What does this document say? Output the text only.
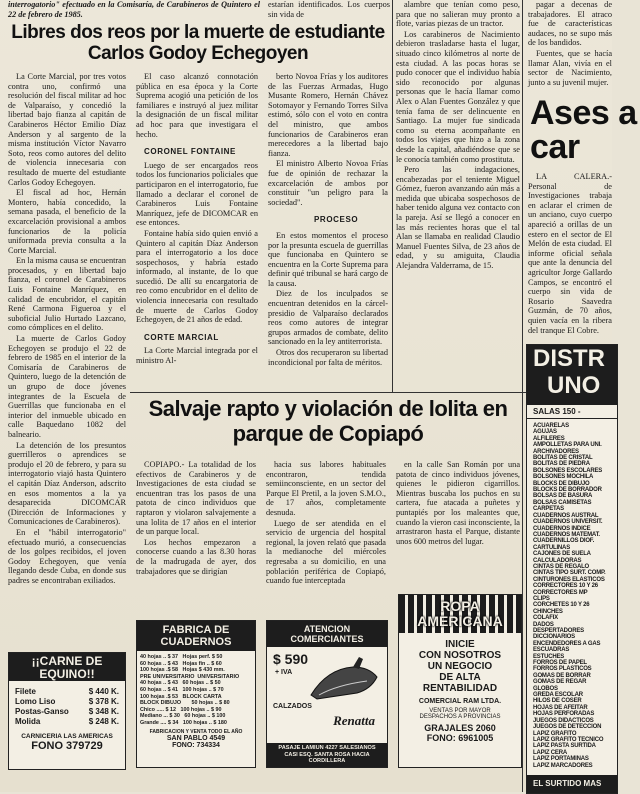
interrogatorio" efectuado en la Comisaría, de Carabineros de Quintero el 22 de febrero de 1985.
estarían identificados. Los cuerpos sin vida de
Libres dos reos por la muerte de estudiante Carlos Godoy Echegoyen

La Corte Marcial, por tres votos contra uno, confirmó una resolución del fiscal militar ad hoc de Valparaíso, y concedió la libertad bajo fianza al capitán de Carabineros Héctor Emilio Díaz Anderson y al sargento de la misma institución Víctor Navarro Soto, reos como autores del delito de violencia innecesaria con resultado de muerte del estudiante Carlos Godoy Echegoyen.

El fiscal ad hoc, Hernán Montero, había concedido, la semana pasada, el beneficio de la excarcelación provisional a ambos funcionarios de la policía uniformada previa consulta a la Corte Marcial.

En la misma causa se encuentran procesados, y en libertad bajo fianza, el coronel de Carabineros Luis Fontaine Manríquez, en calidad de encubridor, el capitán René Carmona Figueroa y el suboficial Julio Hurtado Lazcano, como cómplices en el delito.

La muerte de Carlos Godoy Echegoyen se produjo el 22 de febrero de 1985 en el interior de la Comisaría de Carabineros de Quintero, luego de la detención de un grupo de doce jóvenes integrantes de la Escuela de Guerrillas que funcionaba en el interior del inmueble ubicado en calle Baquedano 1082 del balneario.

La detención de los presuntos guerrilleros o aprendices se produjo el 20 de febrero, y para su interrogatorio viajó hasta Quintero el capitán Díaz Anderson, adscrito en esos momentos a la ya desaparecida DICOMCAR (Dirección de Informaciones y Comunicaciones de Carabineros).

En el "hábil interrogatorio" efectuado murió, a consecuencias de los golpes recibidos, el joven Godoy Echegoyen, que venía llegando desde Cuba, en donde sus padres se encontraban exiliados.

El caso alcanzó connotación pública en esa época y la Corte Suprema acogió una petición de los familiares e instruyó al juez militar la designación de un fiscal militar ad hoc para que investigara el hecho.

CORONEL FONTAINE

Luego de ser encargados reos todos los funcionarios policiales que participaron en el interrogatorio, fue llamado a declarar el coronel de Carabineros Luis Fontaine Manríquez, jefe de DICOMCAR en ese entonces.

Fontaine había sido quien envió a Quintero al capitán Díaz Anderson para el interrogatorio a los doce sospechosos, y habría estado informado, al instante, de lo que sucedió. De allí su encargatoria de reo como encubridor en el delito de violencia innecesaria con resultado de muerte de Carlos Godoy Echegoyen, de 21 años de edad.

CORTE MARCIAL

La Corte Marcial integrada por el ministro Al-

berto Novoa Frías y los auditores de las Fuerzas Armadas, Hugo Musante Romero, Hernán Chávez Sotomayor y Fernando Torres Silva estimó, sólo con el voto en contra del ministro, que ambos funcionarios de Carabineros eran merecedores a la libertad bajo fianza.

El ministro Alberto Novoa Frías fue de opinión de rechazar la excarcelación de ambos por constituir "un peligro para la sociedad".

PROCESO

En estos momentos el proceso por la presunta escuela de guerrillas que funcionaba en Quintero se encuentra en la Corte Suprema para definir qué tribunal se hará cargo de la causa.

Diez de los inculpados se encuentran detenidos en la cárcel-presidio de Valparaíso declarados reos como autores de integrar grupos armados de combate, delito sancionado en la ley antiterrorista.

Otros dos recuperaron su libertad incondicional por falta de méritos.

alambre que tenían como peso, para que no salieran muy pronto a flote, varias piezas de un tractor.

Los carabineros de Nacimiento debieron trasladarse hasta el lugar, situado cinco kilómetros al norte de esta ciudad. A las pocas horas se pudo conocer que el individuo había sido reconocido por algunas personas que le hacía llamar como Alex o Alan Fuentes González y que tenía fama de ser delincuente en Santiago. La mujer fue sindicada como su eterna acompañante en todos los viajes que hizo a la zona desde la capital, añadiéndose que se le conocía también como prostituta.

Pero las indagaciones, encabezadas por el teniente Miguel Gómez, fueron avanzando aún más a medida que ubicaba sospechosos de haber tenido alguna vez contacto con la pareja. Así se llegó a conocer en las más recientes horas que el tal Alan se llamaba en realidad Claudio Manuel Fuentes Silva, de 23 años de edad, y su amiguita, Claudia Alejandra Valderrama, de 15.

pagar a decenas de trabajadores. El atraco fue de características audaces, no se supo más de los bandidos.

Fuentes, que se hacía llamar Alan, vivía en el sector de Nacimiento, junto a su juvenil mujer.

Ases a car

LA CALERA.- Personal de Investigaciones trabaja en aclarar el crimen de un anciano, cuyo cuerpo apareció a orillas de un estero en el sector de El Melón de esta ciudad. El informe oficial señala que ante la denuncia del agricultor Jorge Gallardo Campos, se encontró el cuerpo sin vida de Rosario Saavedra Guzmán, de 70 años, quien vacía en la ribera del tranque El Cobre.

DISTR
UNO
SALAS 150 -
ACUARELAS
AGUJAS
ALFILERES
AMPOLLETAS PARA UNI.
ARCHIVADORES
BOLITAS DE CRISTAL
BOLITAS DE PIEDRA
BOLSONES ESCOLARES
BOLSONES MOCHILA
BLOCKS DE DIBUJO
BLOCKS DE BORRADOR
BOLSAS DE BASURA
BOLSAS CAMISETAS
CARPETAS
CUADERNOS AUSTRAL
CUADERNOS UNIVERSIT.
CUADERNOS INDICE
CUADERNOS MATEMAT.
CUADERNILLOS DIOF.
CARTULINAS
CAJONES DE SUELA
CALCULADORAS
CINTAS DE REGALO
CINTAS TIPO SURT. COMP.
CINTURONES ELASTICOS
CORRECTORES 10 Y 26
CORRECTORES MP
CLIPS
CORCHETES 10 Y 26
CHINCHES
COLAFIX
DADOS
DESPERTADORES
DICCIONARIOS
ENCENDEDORES A GAS
ESCUADRAS
ESTUCHES
FORROS DE PAPEL
FORROS PLASTICOS
GOMAS DE BORRAR
GOMAS DE REGAR
GLOBOS
GREDA ESCOLAR
HILOS DE COSER
HOJAS DE AFEITAR
HOJAS PERFORADAS
JUEGOS DIDACTICOS
JUEGOS DE DETECCION
LAPIZ GRAFITO
LAPIZ GRAFITO TECNICO
LAPIZ PASTA SURTIDA
LAPIZ CERA
LAPIZ PORTAMINAS
LAPIZ MARCADORES
EL SURTIDO MAS
Salvaje rapto y violación de lolita en parque de Copiapó

COPIAPO.- La totalidad de los efectivos de Carabineros y de Investigaciones de esta ciudad se encuentran tras los pasos de una patota de cinco individuos que raptaron y violaron salvajemente a una lolita de 17 años en el interior de un parque local.

Los hechos empezaron a conocerse cuando a las 8.30 horas de la madrugada de ayer, dos trabajadores que se dirigían

hacia sus labores habituales encontraron, tendida semiinconsciente, en un sector del Parque El Pretil, a la joven S.M.O., de 17 años, completamente desnuda.

Luego de ser atendida en el servicio de urgencia del hospital regional, la joven relató que pasada la medianoche del miércoles regresaba a su domicilio, en una población periférica de Copiapó, cuando fue interceptada

en la calle San Román por una patota de cinco individuos jóvenes, quienes le pidieron cigarrillos. Mientras buscaba los puchos en su cartera, fue atacada a puñetes y puntapiés por los maleantes que, cuando la vieron casi inconsciente, la arrastraron hasta el Parque, distante unos 600 metros del lugar.

¡¡CARNE DE EQUINO!!
Filete	$ 440 K.
Lomo Liso	$ 378 K.
Postas-Ganso $ 348 K.
Molida	$ 248 K.
CARNICERIA LAS AMERICAS
FONO 379729
FABRICA DE
CUADERNOS
40 hojas .. $ 37   Hojas perf. $ 50
60 hojas .. $ 43   Hojas fin .. $ 60
100 hojas .$ 58   Hojas $ 430 mm.
PRE UNIVERSITARIO  UNIVERSITARIO
40 hojas .. $ 43   60 hojas .. $ 50
60 hojas .. $ 41   100 hojas .. $ 70
100 hojas .$ 53   BLOCK CARTA
BLOCK DIBUJO       50 hojas .. $ 80
Chico ..... $ 12   100 hojas .. $ 90
Mediano ... $ 30   60 hojas .. $ 100
Grande .... $ 34   100 hojas .. $ 180
FABRICACION Y VENTA TODO EL AÑO
SAN PABLO 4549
FONO: 734334
ATENCION COMERCIANTES
$ 590
+ IVA
CALZADOS
Renatta
PASAJE LAMIUN 4227 SALESIANOS CASI ESQ. SANTA ROSA HACIA CORDILLERA
ROPA AMERICANA
INICIE
CON NOSOTROS
UN NEGOCIO
DE ALTA
RENTABILIDAD
COMERCIAL RAM LTDA.
VENTAS POR MAYOR
DESPACHOS A PROVINCIAS
GRAJALES 2060
FONO: 6961005
